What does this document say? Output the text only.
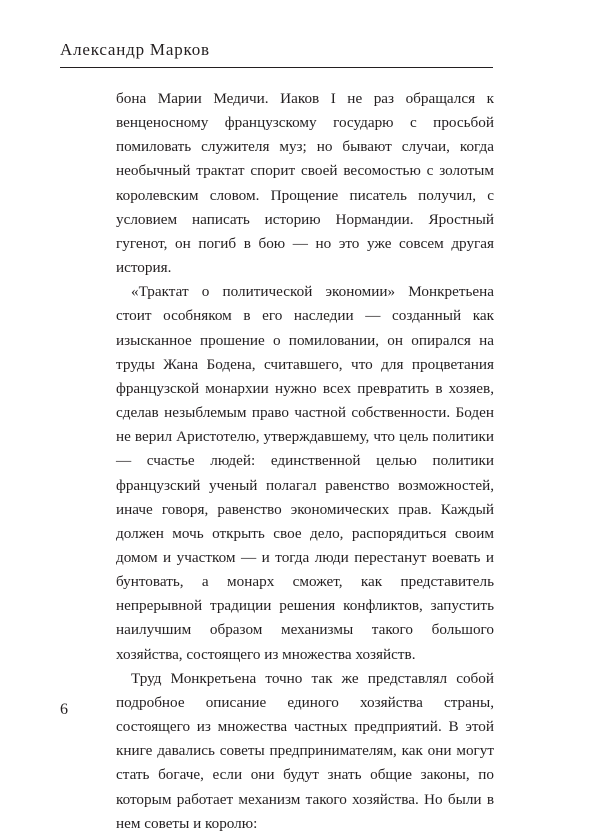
Александр Марков

бона Марии Медичи. Иаков I не раз обращался к венценосному французскому государю с просьбой помиловать служителя муз; но бывают случаи, когда необычный трактат спорит своей весомостью с золотым королевским словом. Прощение писатель получил, с условием написать историю Нормандии. Яростный гугенот, он погиб в бою — но это уже совсем другая история.

«Трактат о политической экономии» Монкретьена стоит особняком в его наследии — созданный как изысканное прошение о помиловании, он опирался на труды Жана Бодена, считавшего, что для процветания французской монархии нужно всех превратить в хозяев, сделав незыблемым право частной собственности. Боден не верил Аристотелю, утверждавшему, что цель политики — счастье людей: единственной целью политики французский ученый полагал равенство возможностей, иначе говоря, равенство экономических прав. Каждый должен мочь открыть свое дело, распорядиться своим домом и участком — и тогда люди перестанут воевать и бунтовать, а монарх сможет, как представитель непрерывной традиции решения конфликтов, запустить наилучшим образом механизмы такого большого хозяйства, состоящего из множества хозяйств.

Труд Монкретьена точно так же представлял собой подробное описание единого хозяйства страны, состоящего из множества частных предприятий. В этой книге давались советы предпринимателям, как они могут стать богаче, если они будут знать общие законы, по которым работает механизм такого хозяйства. Но были в нем советы и королю:

6
